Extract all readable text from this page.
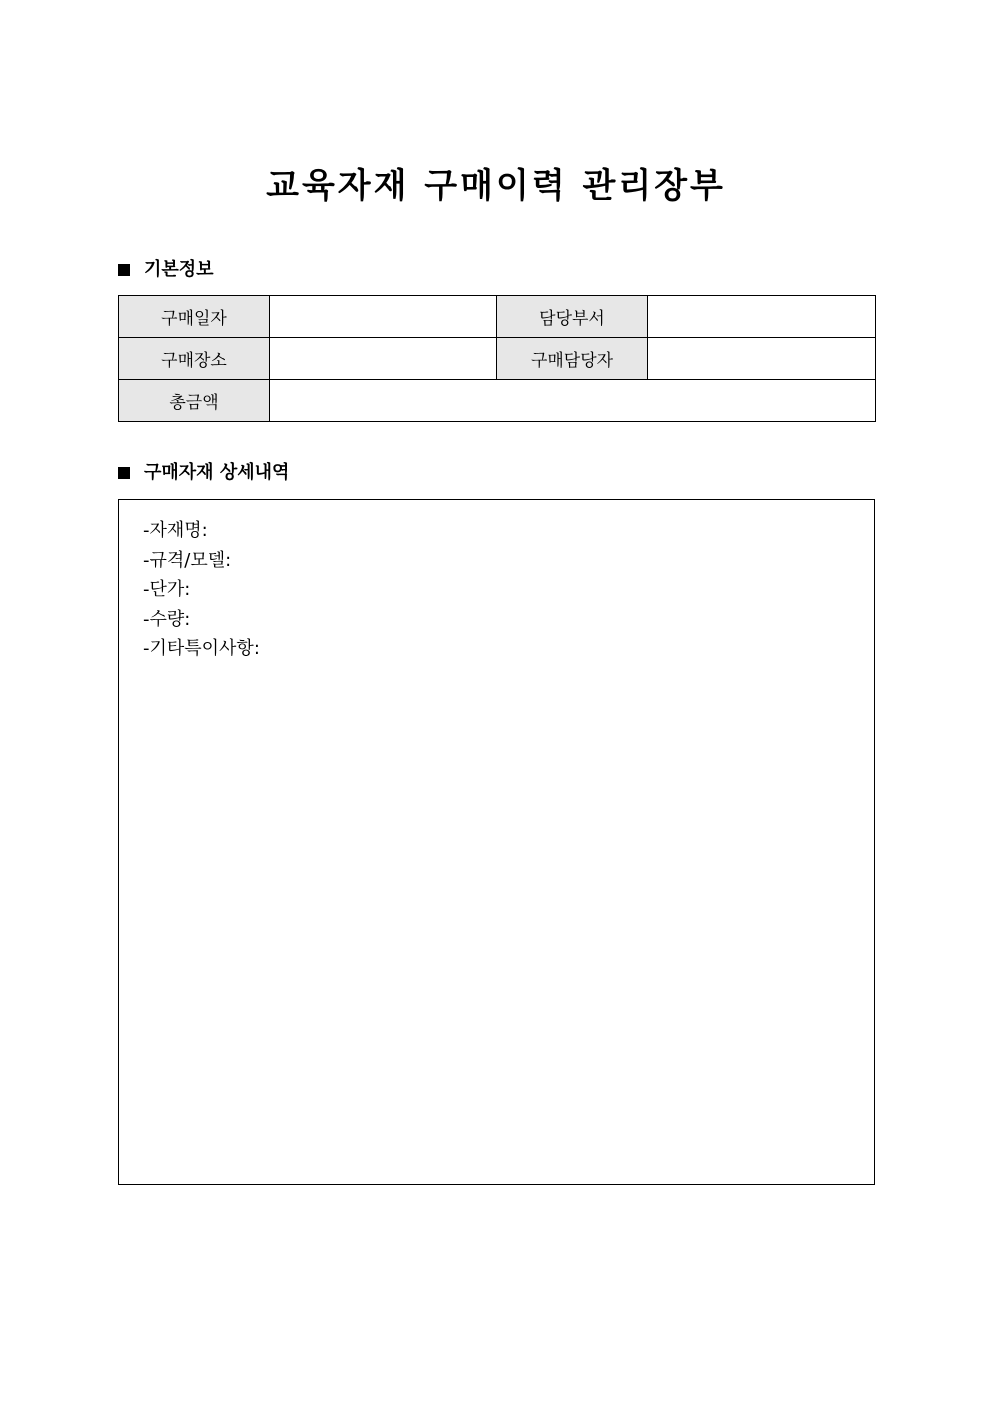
교육자재 구매이력 관리장부
기본정보
구매일자		담당부서	
구매장소		구매담당자	
총금액			
구매자재 상세내역
-자재명:
-규격/모델:
-단가:
-수량:
-기타특이사항:
